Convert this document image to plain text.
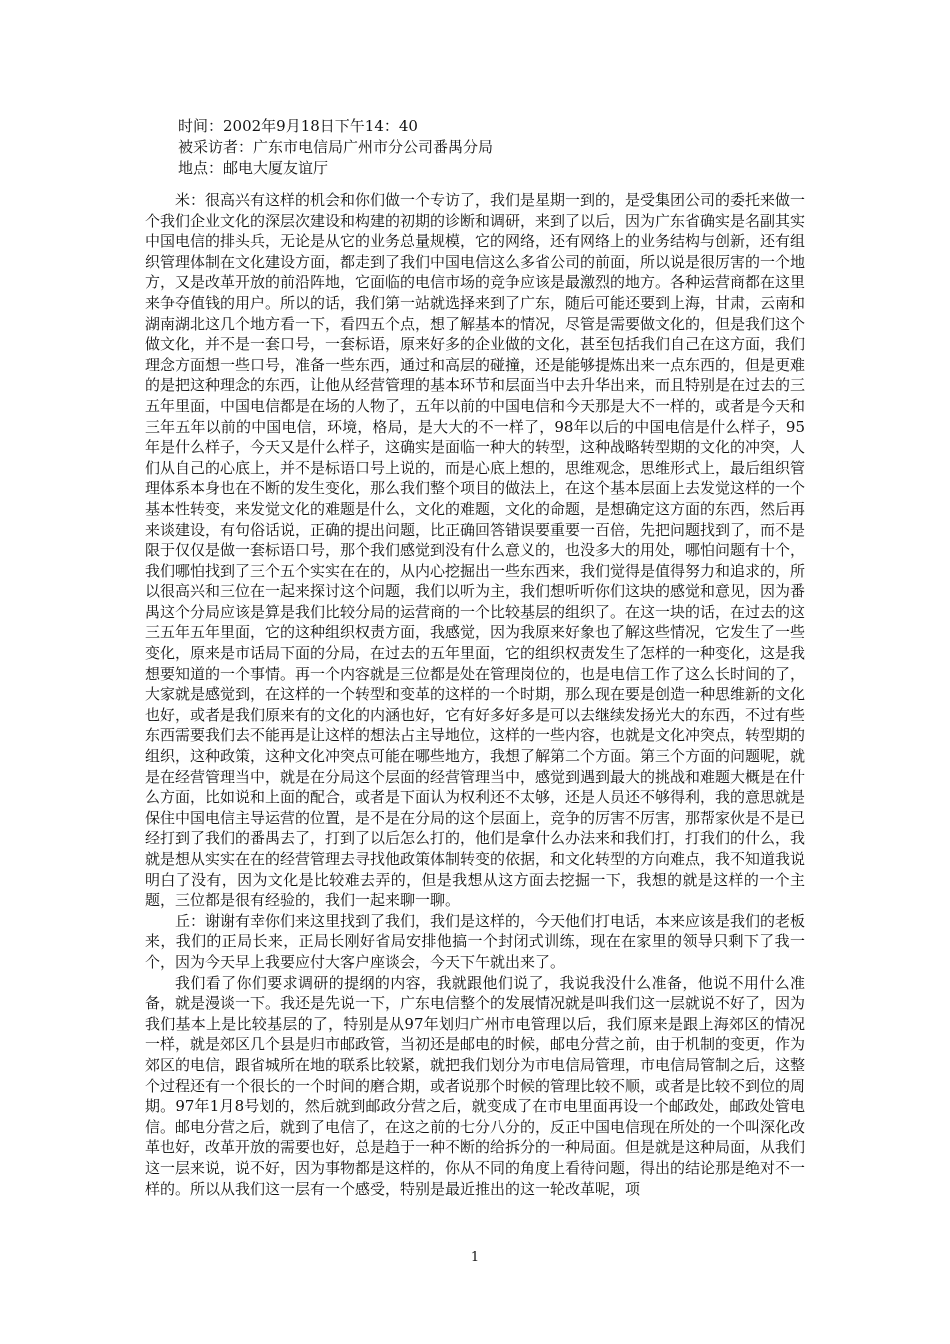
时间：2002年9月18日下午14：40
被采访者：广东市电信局广州市分公司番禺分局
地点：邮电大厦友谊厅

米：很高兴有这样的机会和你们做一个专访了，我们是星期一到的，是受集团公司的委托来做一个我们企业文化的深层次建设和构建的初期的诊断和调研，来到了以后，因为广东省确实是名副其实中国电信的排头兵，无论是从它的业务总量规模，它的网络，还有网络上的业务结构与创新，还有组织管理体制在文化建设方面，都走到了我们中国电信这么多省公司的前面，所以说是很厉害的一个地方，又是改革开放的前沿阵地，它面临的电信市场的竞争应该是最激烈的地方。各种运营商都在这里来争夺值钱的用户。所以的话，我们第一站就选择来到了广东，随后可能还要到上海，甘肃，云南和湖南湖北这几个地方看一下，看四五个点，想了解基本的情况，尽管是需要做文化的，但是我们这个做文化，并不是一套口号，一套标语，原来好多的企业做的文化，甚至包括我们自己在这方面，我们理念方面想一些口号，准备一些东西，通过和高层的碰撞，还是能够提炼出来一点东西的，但是更难的是把这种理念的东西，让他从经营管理的基本环节和层面当中去升华出来，而且特别是在过去的三五年里面，中国电信都是在场的人物了，五年以前的中国电信和今天那是大不一样的，或者是今天和三年五年以前的中国电信，环境，格局，是大大的不一样了，98年以后的中国电信是什么样子，95年是什么样子，今天又是什么样子，这确实是面临一种大的转型，这种战略转型期的文化的冲突，人们从自己的心底上，并不是标语口号上说的，而是心底上想的，思维观念，思维形式上，最后组织管理体系本身也在不断的发生变化，那么我们整个项目的做法上，在这个基本层面上去发觉这样的一个基本性转变，来发觉文化的难题是什么，文化的难题，文化的命题，是想确定这方面的东西，然后再来谈建设，有句俗话说，正确的提出问题，比正确回答错误要重要一百倍，先把问题找到了，而不是限于仅仅是做一套标语口号，那个我们感觉到没有什么意义的，也没多大的用处，哪怕问题有十个，我们哪怕找到了三个五个实实在在的，从内心挖掘出一些东西来，我们觉得是值得努力和追求的，所以很高兴和三位在一起来探讨这个问题，我们以听为主，我们想听听你们这块的感觉和意见，因为番禺这个分局应该是算是我们比较分局的运营商的一个比较基层的组织了。在这一块的话，在过去的这三五年五年里面，它的这种组织权责方面，我感觉，因为我原来好象也了解这些情况，它发生了一些变化，原来是市话局下面的分局，在过去的五年里面，它的组织权责发生了怎样的一种变化，这是我想要知道的一个事情。再一个内容就是三位都是处在管理岗位的，也是电信工作了这么长时间的了，大家就是感觉到，在这样的一个转型和变革的这样的一个时期，那么现在要是创造一种思维新的文化也好，或者是我们原来有的文化的内涵也好，它有好多好多是可以去继续发扬光大的东西，不过有些东西需要我们去不能再是让这样的想法占主导地位，这样的一些内容，也就是文化冲突点，转型期的组织，这种政策，这种文化冲突点可能在哪些地方，我想了解第二个方面。第三个方面的问题呢，就是在经营管理当中，就是在分局这个层面的经营管理当中，感觉到遇到最大的挑战和难题大概是在什么方面，比如说和上面的配合，或者是下面认为权利还不太够，还是人员还不够得利，我的意思就是保住中国电信主导运营的位置，是不是在分局的这个层面上，竞争的厉害不厉害，那帮家伙是不是已经打到了我们的番禺去了，打到了以后怎么打的，他们是拿什么办法来和我们打，打我们的什么，我就是想从实实在在的经营管理去寻找他政策体制转变的依据，和文化转型的方向难点，我不知道我说明白了没有，因为文化是比较难去弄的，但是我想从这方面去挖掘一下，我想的就是这样的一个主题，三位都是很有经验的，我们一起来聊一聊。

丘：谢谢有幸你们来这里找到了我们，我们是这样的，今天他们打电话，本来应该是我们的老板来，我们的正局长来，正局长刚好省局安排他搞一个封闭式训练，现在在家里的领导只剩下了我一个，因为今天早上我要应付大客户座谈会，今天下午就出来了。

我们看了你们要求调研的提纲的内容，我就跟他们说了，我说我没什么准备，他说不用什么准备，就是漫谈一下。我还是先说一下，广东电信整个的发展情况就是叫我们这一层就说不好了，因为我们基本上是比较基层的了，特别是从97年划归广州市电管理以后，我们原来是跟上海郊区的情况一样，就是郊区几个县是归市邮政管，当初还是邮电的时候，邮电分营之前，由于机制的变更，作为郊区的电信，跟省城所在地的联系比较紧，就把我们划分为市电信局管理，市电信局管制之后，这整个过程还有一个很长的一个时间的磨合期，或者说那个时候的管理比较不顺，或者是比较不到位的周期。97年1月8号划的，然后就到邮政分营之后，就变成了在市电里面再设一个邮政处，邮政处管电信。邮电分营之后，就到了电信了，在这之前的七分八分的，反正中国电信现在所处的一个叫深化改革也好，改革开放的需要也好，总是趋于一种不断的给拆分的一种局面。但是就是这种局面，从我们这一层来说，说不好，因为事物都是这样的，你从不同的角度上看待问题，得出的结论那是绝对不一样的。所以从我们这一层有一个感受，特别是最近推出的这一轮改革呢，项

1
